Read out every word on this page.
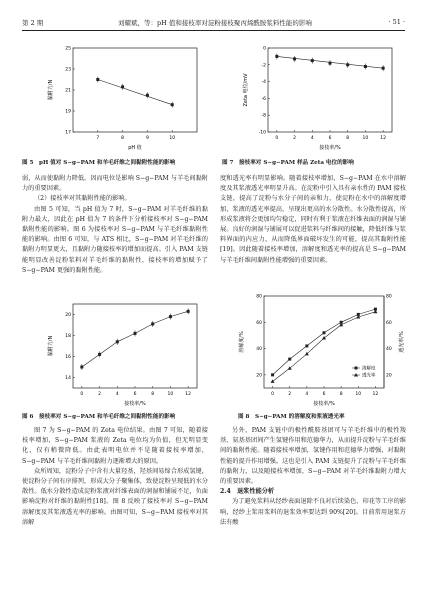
第 2 期	刘耀斌，等：pH 值和接枝率对淀粉接枝聚丙烯酰胺浆料性能的影响	· 51 ·
7	8	9	10
17
19
21
23
25
pH 值
黏附力/N
图 5　pH 值对 S−g−PAM 和羊毛纤维之间黏附性能的影响
0	2	4	6	8	10	12
0
-2
-4
-6
-8
-10
接枝率/%
Zeta 电位/mV
图 7　接枝率对 S−g−PAM 样品 Zeta 电位的影响

弱，从而使黏附力降低。因而电位是影响 S−g−PAM 与羊毛间黏附力的重要因素。

（2）接枝率对其黏附性能的影响。

由图 5 可知，当 pH 值为 7 时，S−g−PAM 对羊毛纤维的黏附力最大，因此在 pH 值为 7 的条件下分析接枝率对 S−g−PAM 黏附性能的影响。图 6 为接枝率对 S−g−PAM 与羊毛纤维黏附性能的影响。由图 6 可知，与 ATS 相比，S−g−PAM 对羊毛纤维的黏附力明显更大，且黏附力随接枝率的增加而提高。引入 PAM 支链能明显改善淀粉浆料对羊毛纤维的黏附性，接枝率的增加赋予了 S−g−PAM 更强的黏附性能。

0	2	4	6	8	10	12
14
16
18
20
接枝率/%
黏附力/N
图 6　接枝率对 S−g−PAM 和羊毛纤维之间黏附性能的影响

图 7 为 S−g−PAM 的 Zeta 电位结果。由图 7 可知，随着接枝率增加，S−g−PAM 浆液的 Zeta 电位均为负值，但无明显变化，仅有稍微降低。由此表明电位并不是随着接枝率增加，S−g−PAM 与羊毛纤维间黏附力逐渐增大的原因。

众所周知，淀粉分子中含有大量羟基，羟基间易缔合形成氢键，使淀粉分子间有序排列，形成大分子聚集体，致使淀粉呈现低的水分散性。低水分散性造成淀粉浆液对纤维表面的润湿和铺展不足，负面影响淀粉对纤维的黏附性[18]。图 8 反映了接枝率对 S−g−PAM 溶解度及其浆液透光率的影响。由图可知，S−g−PAM 接枝率对其溶解

度和透光率有明显影响。随着接枝率增加，S−g−PAM 在水中溶解度及其浆液透光率明显升高。在淀粉中引入具有亲水性的 PAM 接枝支链，提高了淀粉与水分子间的亲和力，使淀粉在水中的溶解度增加，浆液的透光率提高，呈现出更高的水分散性。水分散性提高，所形成浆液将会更加均匀稳定，同时有利于浆液在纤维表面的润湿与铺展。良好的润湿与铺展可以促进浆料与纤维间的接触，降低纤维与浆料界面的内应力，从而降低界面破坏发生的可能，提高其黏附性能[19]。因此随着接枝率增加，溶解度和透光率的提高是 S−g−PAM 与羊毛纤维间黏附性能增强的重要因素。

0	2	4	6	8	10	12
20
40
60
80
接枝率/%
溶解度/%
20
40
60
80
透光率/%
溶解度
透光率
图 8　S−g−PAM 的溶解度和浆液透光率

另外，PAM 支链中的极性酰胺基团可与羊毛纤维中的极性羧基、氨基基团间产生氢键作用和范德华力，从而提升淀粉与羊毛纤维间的黏附性能。随着接枝率增加，氢键作用和范德华力增强，对黏附性能的提升作用增强。这也是引入 PAM 支链提升了淀粉与羊毛纤维的黏附力，以及随接枝率增加，S−g−PAM 对羊毛纤维黏附力增大的重要因素。

2.4　退浆性能分析

为了避免浆料从经纱表面退除不良对后续染色、印花等工序的影响，经纱上浆用浆料的退浆效率要达到 90%[20]。目前常用退浆方法有酸
